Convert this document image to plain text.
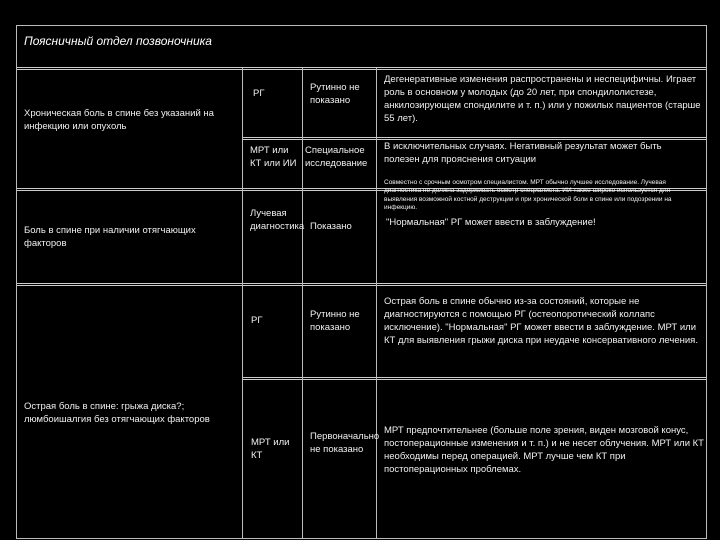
Поясничный отдел позвоночника
Хроническая боль в спине без указаний на инфекцию или опухоль
РГ
Рутинно не показано
Дегенеративные изменения распространены и неспецифичны. Играет роль в основном у молодых (до 20 лет, при спондилолистезе, анкилозирующем спондилите и т. п.) или у пожилых пациентов (старше 55 лет).
МРТ или КТ или ИИ
Специальное исследование
В исключительных случаях. Негативный результат может быть полезен для прояснения ситуации
Боль в спине при наличии отягчающих факторов
Лучевая диагностика Показано
Совместно с срочным осмотром специалистом. МРТ обычно лучшее исследование. Лучевая диагностика не должна задерживать осмотр специалиста. ИИ также широко используется для выявления возможной костной деструкции и при хронической боли в спине или подозрении на инфекцию.
"Нормальная" РГ может ввести в заблуждение!
Острая боль в спине: грыжа диска?; люмбоишалгия без отягчающих факторов
РГ
Рутинно не показано
Острая боль в спине обычно из-за состояний, которые не диагностируются с помощью РГ (остеопоротический коллапс исключение). "Нормальная" РГ может ввести в заблуждение. МРТ или КТ для выявления грыжи диска при неудаче консервативного лечения.
МРТ или КТ
Первоначально не показано
МРТ предпочтительнее (больше поле зрения, виден мозговой конус, постоперационные изменения и т. п.) и не несет облучения. МРТ или КТ необходимы перед операцией. МРТ лучше чем КТ при постоперационных проблемах.
